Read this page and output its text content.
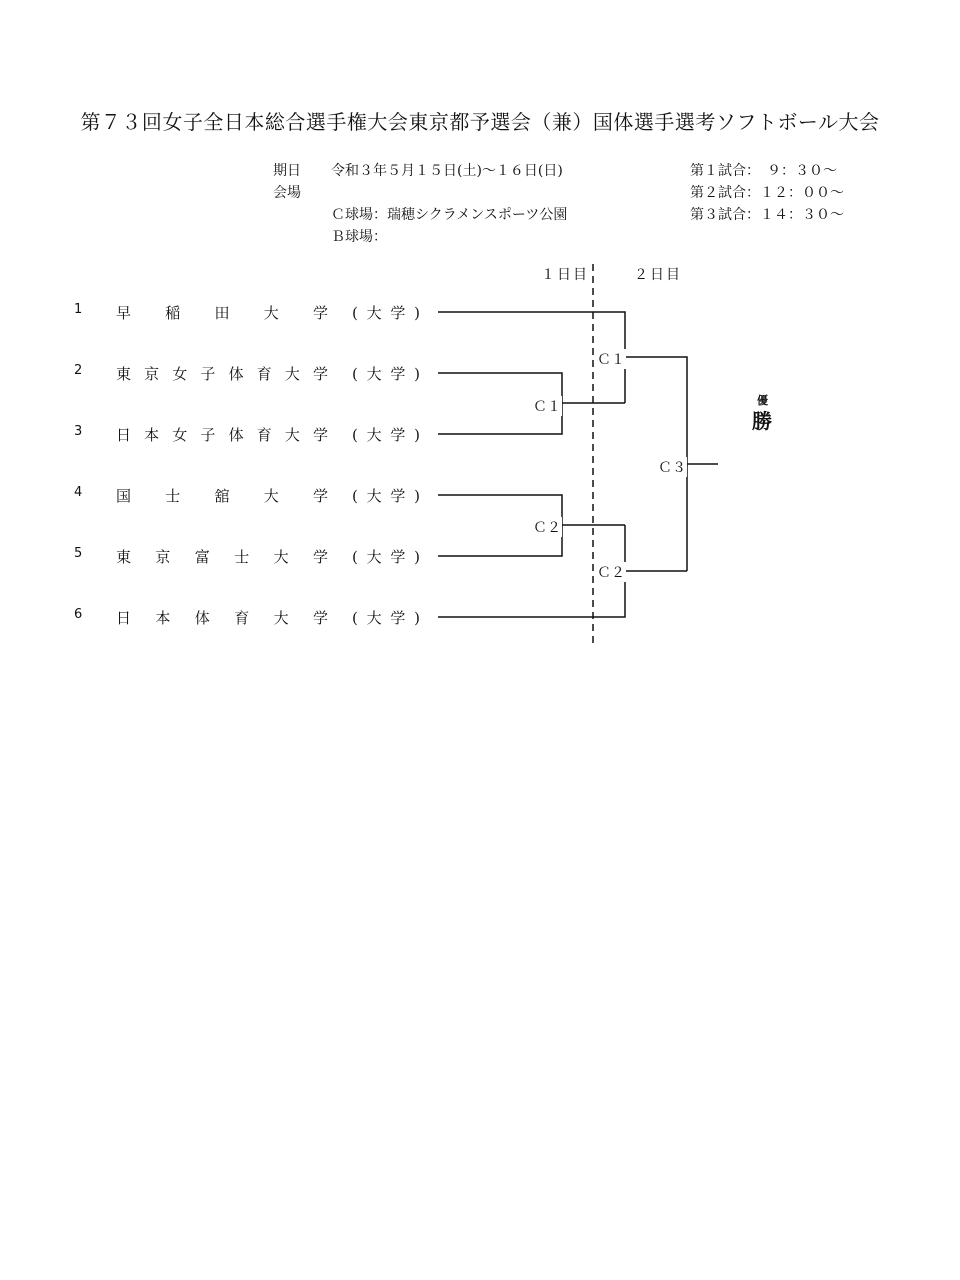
第７３回女子全日本総合選手権大会東京都予選会（兼）国体選手選考ソフトボール大会
期日 令和３年５月１５日(土)～１６日(日)
会場
Ｃ球場：瑞穂シクラメンスポーツ公園
Ｂ球場：
第１試合：　９：３０～
第２試合：１２：００～
第３試合：１４：３０～
１日目	２日目
1 早稲田大学 (大学)
2 東京女子体育大学 (大学)
3 日本女子体育大学 (大学)
4 国士舘大学 (大学)
5 東京富士大学 (大学)
6 日本体育大学 (大学)
Ｃ１
Ｃ２
Ｃ１
Ｃ２
Ｃ３
優
勝
